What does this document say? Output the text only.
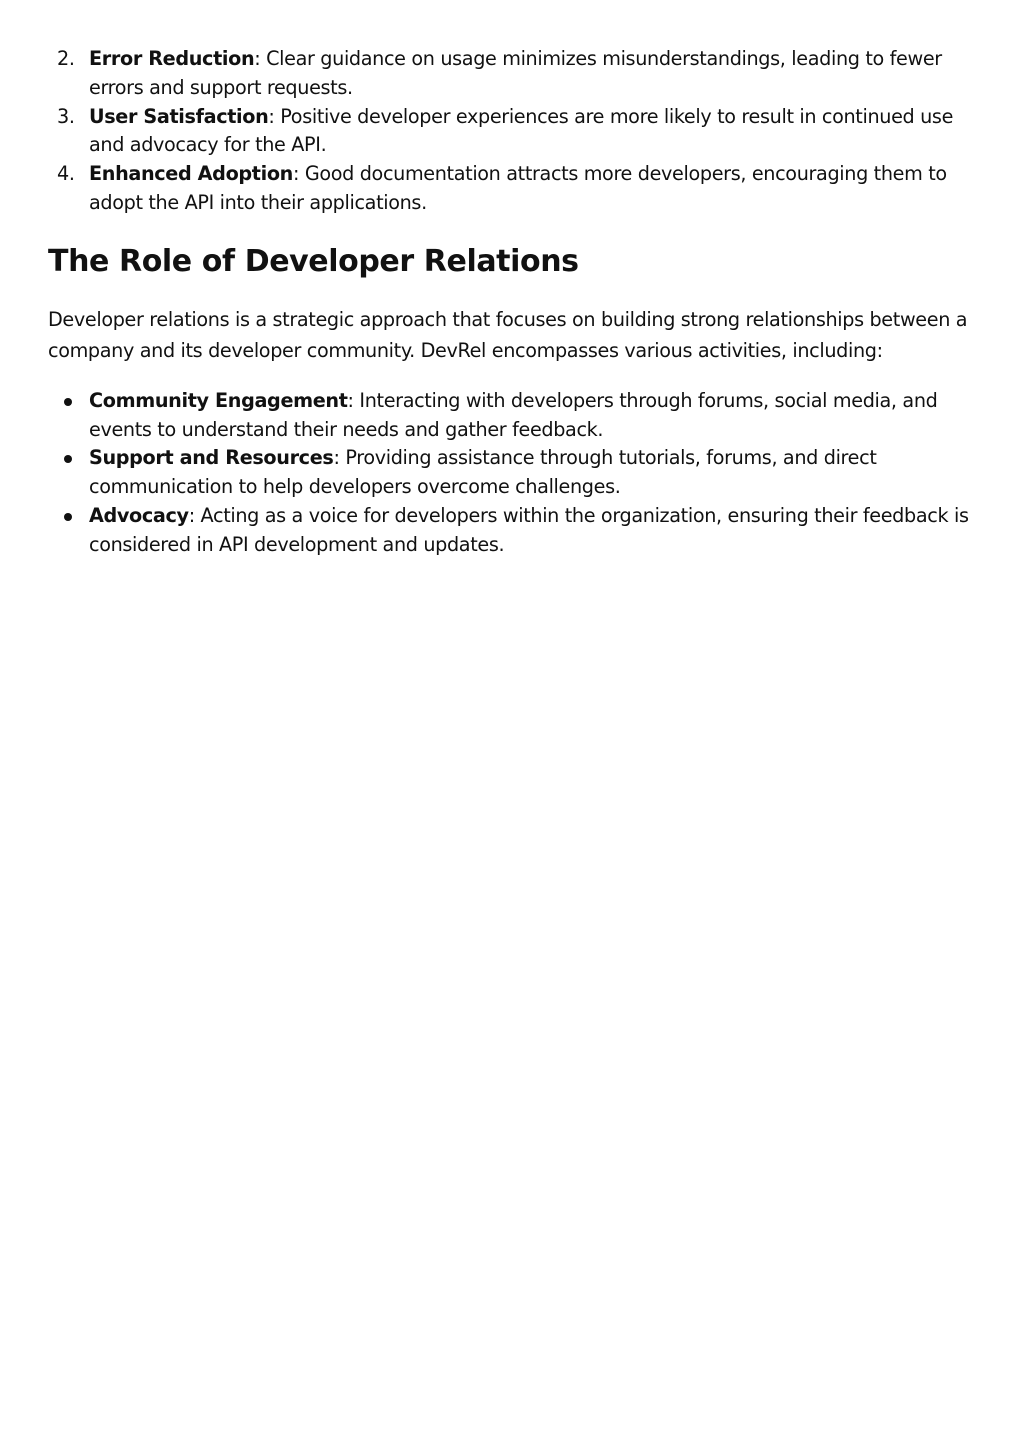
2. Error Reduction: Clear guidance on usage minimizes misunderstandings, leading to fewer errors and support requests.
3. User Satisfaction: Positive developer experiences are more likely to result in continued use and advocacy for the API.
4. Enhanced Adoption: Good documentation attracts more developers, encouraging them to adopt the API into their applications.
The Role of Developer Relations

Developer relations is a strategic approach that focuses on building strong relationships between a company and its developer community. DevRel encompasses various activities, including:

Community Engagement: Interacting with developers through forums, social media, and events to understand their needs and gather feedback.
Support and Resources: Providing assistance through tutorials, forums, and direct communication to help developers overcome challenges.
Advocacy: Acting as a voice for developers within the organization, ensuring their feedback is considered in API development and updates.
